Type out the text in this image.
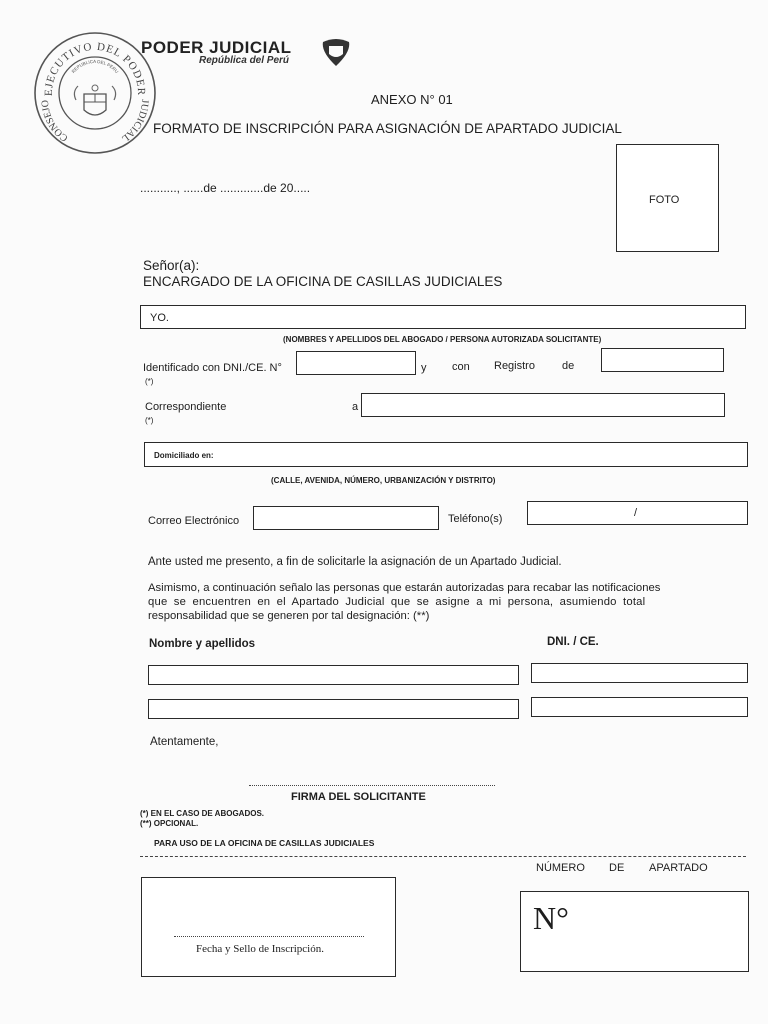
EJECUTIVO DEL PODER
CONSEJO	JUDICIAL
REPUBLICA DEL PERU
PODER JUDICIAL
República del Perú
ANEXO N° 01
FORMATO DE INSCRIPCIÓN PARA ASIGNACIÓN DE APARTADO JUDICIAL
..........., ......de .............de 20.....
FOTO
Señor(a):
ENCARGADO DE LA OFICINA DE CASILLAS JUDICIALES
YO.
(NOMBRES Y APELLIDOS DEL ABOGADO / PERSONA AUTORIZADA SOLICITANTE)
Identificado con DNI./CE. N°
(*)
y con Registro de
Correspondiente
(*)
a
Domiciliado en:
(CALLE, AVENIDA, NÚMERO, URBANIZACIÓN Y DISTRITO)
Correo Electrónico	Teléfono(s)	/
Ante usted me presento, a fin de solicitarle la asignación de un Apartado Judicial.
Asimismo, a continuación señalo las personas que estarán autorizadas para recabar las notificaciones
que se encuentren en el Apartado Judicial que se asigne a mi persona, asumiendo total
responsabilidad que se generen por tal designación: (**)
Nombre y apellidos	DNI. / CE.
Atentamente,
FIRMA DEL SOLICITANTE
(*) EN EL CASO DE ABOGADOS.
(**) OPCIONAL.
PARA USO DE LA OFICINA DE CASILLAS JUDICIALES
NÚMERO DE APARTADO
Fecha y Sello de Inscripción.
N°
